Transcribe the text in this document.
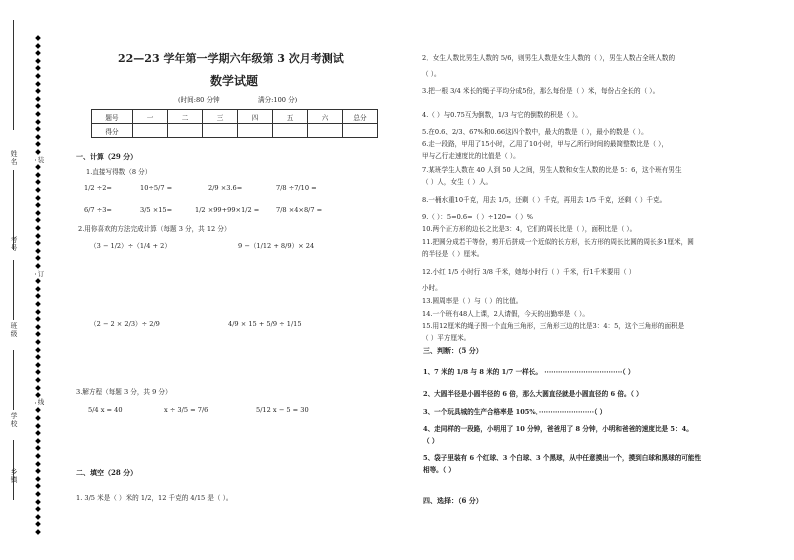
姓名
考号
班级
学校
乡镇
装
订
线
22—23 学年第一学期六年级第 3 次月考测试
数学试题
(时间:80 分钟	满分:100 分)
题号	一	二	三	四	五	六	总分
得分							
一、计算（29 分）
1.直接写得数（8 分）
1/2 ÷2=	10÷5/7 =	2/9 ×3.6=	7/8 ÷7/10 =
6/7 ÷3=	3/5 ×15=	1/2 ×99+99×1/2 =	7/8 ×4×8/7 =
2.用你喜欢的方法完成计算（每题 3 分，共 12 分）
（3 − 1/2）÷（1/4 + 2）	9 −（1/12 + 8/9）× 24
（2 − 2 × 2/3）÷ 2/9	4/9 × 15 + 5/9 ÷ 1/15
3.解方程（每题 3 分，共 9 分）
5/4 x = 40	x ÷ 3/5 = 7/6	5/12 x − 5 = 30
二、填空（28 分）
1. 3/5 米是（ ）米的 1/2，12 千克的 4/15 是（ ）。
2．女生人数比男生人数的 5/6，则男生人数是女生人数的（ ），男生人数占全班人数的
（ ）。
3.把一根 3/4 米长的绳子平均分成5份，那么每份是（ ）米，每份占全长的（ ）。
4.（ ）与0.75互为倒数，1/3 与它的倒数的积是（ ）。
5.在0.6、2/3、67%和0.66这四个数中，最大的数是（ ），最小的数是（ ）。
6.走一段路，甲用了15小时，乙用了10小时，甲与乙所行时间的最简整数比是（ ），
甲与乙行走速度比的比值是（ ）。
7.某班学生人数在 40 人到 50 人之间，男生人数和女生人数的比是 5：6，这个班有男生
（ ）人，女生（ ）人。
8.一桶水重10千克，用去 1/5，还剩（ ）千克，再用去 1/5 千克，还剩（ ）千克。
9.（ ）：5=0.6=（ ）÷120=（ ）%
10.两个正方形的边长之比是3：4，它们的周长比是（ ），面积比是（ ）。
11.把圆分成若干等份，剪开后拼成一个近似的长方形，长方形的周长比圆的周长多1厘米，圆
的半径是（ ）厘米。
12.小红 1/5 小时行 3/8 千米，她每小时行（ ）千米，行1千米要用（ ）
小时。
13.圆周率是（ ）与（ ）的比值。
14.一个班有48人上课，2人请假，今天的出勤率是（ ）。
15.用12厘米的绳子围一个直角三角形，三角形三边的比是3：4：5，这个三角形的面积是
（ ）平方厘米。
三、判断：（5 分）
1、7 米的 1/8 与 8 米的 1/7 一样长。 ··································（ ）
2、大圆半径是小圆半径的 6 倍，那么大圆直径就是小圆直径的 6 倍。（ ）
3、一个玩具城的生产合格率是 105%．························（ ）
4、走同样的一段路，小明用了 10 分钟，爸爸用了 8 分钟，小明和爸爸的速度比是 5：4。
（ ）
5、袋子里装有 6 个红球、3 个白球、3 个黑球，从中任意摸出一个，摸到白球和黑球的可能性
相等。（ ）
四、选择：（6 分）
